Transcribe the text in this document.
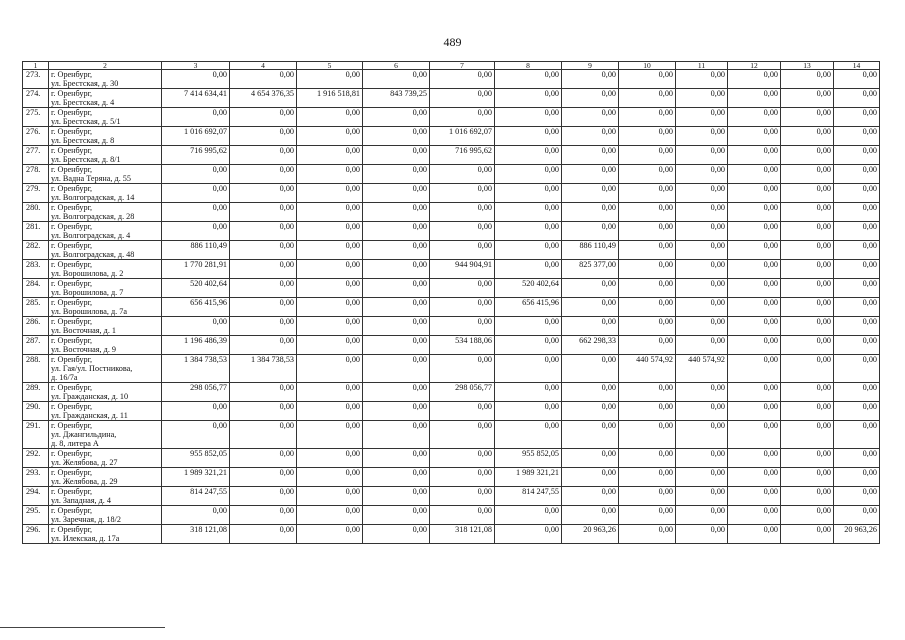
489
1	2	3	4	5	6	7	8	9	10	11	12	13	14
273.	г. Оренбург,
ул. Брестская, д. 30	0,00	0,00	0,00	0,00	0,00	0,00	0,00	0,00	0,00	0,00	0,00	0,00
274.	г. Оренбург,
ул. Брестская, д. 4	7 414 634,41	4 654 376,35	1 916 518,81	843 739,25	0,00	0,00	0,00	0,00	0,00	0,00	0,00	0,00
275.	г. Оренбург,
ул. Брестская, д. 5/1	0,00	0,00	0,00	0,00	0,00	0,00	0,00	0,00	0,00	0,00	0,00	0,00
276.	г. Оренбург,
ул. Брестская, д. 8	1 016 692,07	0,00	0,00	0,00	1 016 692,07	0,00	0,00	0,00	0,00	0,00	0,00	0,00
277.	г. Оренбург,
ул. Брестская, д. 8/1	716 995,62	0,00	0,00	0,00	716 995,62	0,00	0,00	0,00	0,00	0,00	0,00	0,00
278.	г. Оренбург,
ул. Вадна Теряна, д. 55	0,00	0,00	0,00	0,00	0,00	0,00	0,00	0,00	0,00	0,00	0,00	0,00
279.	г. Оренбург,
ул. Волгоградская, д. 14	0,00	0,00	0,00	0,00	0,00	0,00	0,00	0,00	0,00	0,00	0,00	0,00
280.	г. Оренбург,
ул. Волгоградская, д. 28	0,00	0,00	0,00	0,00	0,00	0,00	0,00	0,00	0,00	0,00	0,00	0,00
281.	г. Оренбург,
ул. Волгоградская, д. 4	0,00	0,00	0,00	0,00	0,00	0,00	0,00	0,00	0,00	0,00	0,00	0,00
282.	г. Оренбург,
ул. Волгоградская, д. 48	886 110,49	0,00	0,00	0,00	0,00	0,00	886 110,49	0,00	0,00	0,00	0,00	0,00
283.	г. Оренбург,
ул. Ворошилова, д. 2	1 770 281,91	0,00	0,00	0,00	944 904,91	0,00	825 377,00	0,00	0,00	0,00	0,00	0,00
284.	г. Оренбург,
ул. Ворошилова, д. 7	520 402,64	0,00	0,00	0,00	0,00	520 402,64	0,00	0,00	0,00	0,00	0,00	0,00
285.	г. Оренбург,
ул. Ворошилова, д. 7а	656 415,96	0,00	0,00	0,00	0,00	656 415,96	0,00	0,00	0,00	0,00	0,00	0,00
286.	г. Оренбург,
ул. Восточная, д. 1	0,00	0,00	0,00	0,00	0,00	0,00	0,00	0,00	0,00	0,00	0,00	0,00
287.	г. Оренбург,
ул. Восточная, д. 9	1 196 486,39	0,00	0,00	0,00	534 188,06	0,00	662 298,33	0,00	0,00	0,00	0,00	0,00
288.	г. Оренбург,
ул. Гая/ул. Постникова,
д. 16/7а	1 384 738,53	1 384 738,53	0,00	0,00	0,00	0,00	0,00	440 574,92	440 574,92	0,00	0,00	0,00
289.	г. Оренбург,
ул. Гражданская, д. 10	298 056,77	0,00	0,00	0,00	298 056,77	0,00	0,00	0,00	0,00	0,00	0,00	0,00
290.	г. Оренбург,
ул. Гражданская, д. 11	0,00	0,00	0,00	0,00	0,00	0,00	0,00	0,00	0,00	0,00	0,00	0,00
291.	г. Оренбург,
ул. Джангильдина,
д. 8, литера А	0,00	0,00	0,00	0,00	0,00	0,00	0,00	0,00	0,00	0,00	0,00	0,00
292.	г. Оренбург,
ул. Желябова, д. 27	955 852,05	0,00	0,00	0,00	0,00	955 852,05	0,00	0,00	0,00	0,00	0,00	0,00
293.	г. Оренбург,
ул. Желябова, д. 29	1 989 321,21	0,00	0,00	0,00	0,00	1 989 321,21	0,00	0,00	0,00	0,00	0,00	0,00
294.	г. Оренбург,
ул. Западная, д. 4	814 247,55	0,00	0,00	0,00	0,00	814 247,55	0,00	0,00	0,00	0,00	0,00	0,00
295.	г. Оренбург,
ул. Заречная, д. 18/2	0,00	0,00	0,00	0,00	0,00	0,00	0,00	0,00	0,00	0,00	0,00	0,00
296.	г. Оренбург,
ул. Илекская, д. 17а	318 121,08	0,00	0,00	0,00	318 121,08	0,00	20 963,26	0,00	0,00	0,00	0,00	20 963,26
